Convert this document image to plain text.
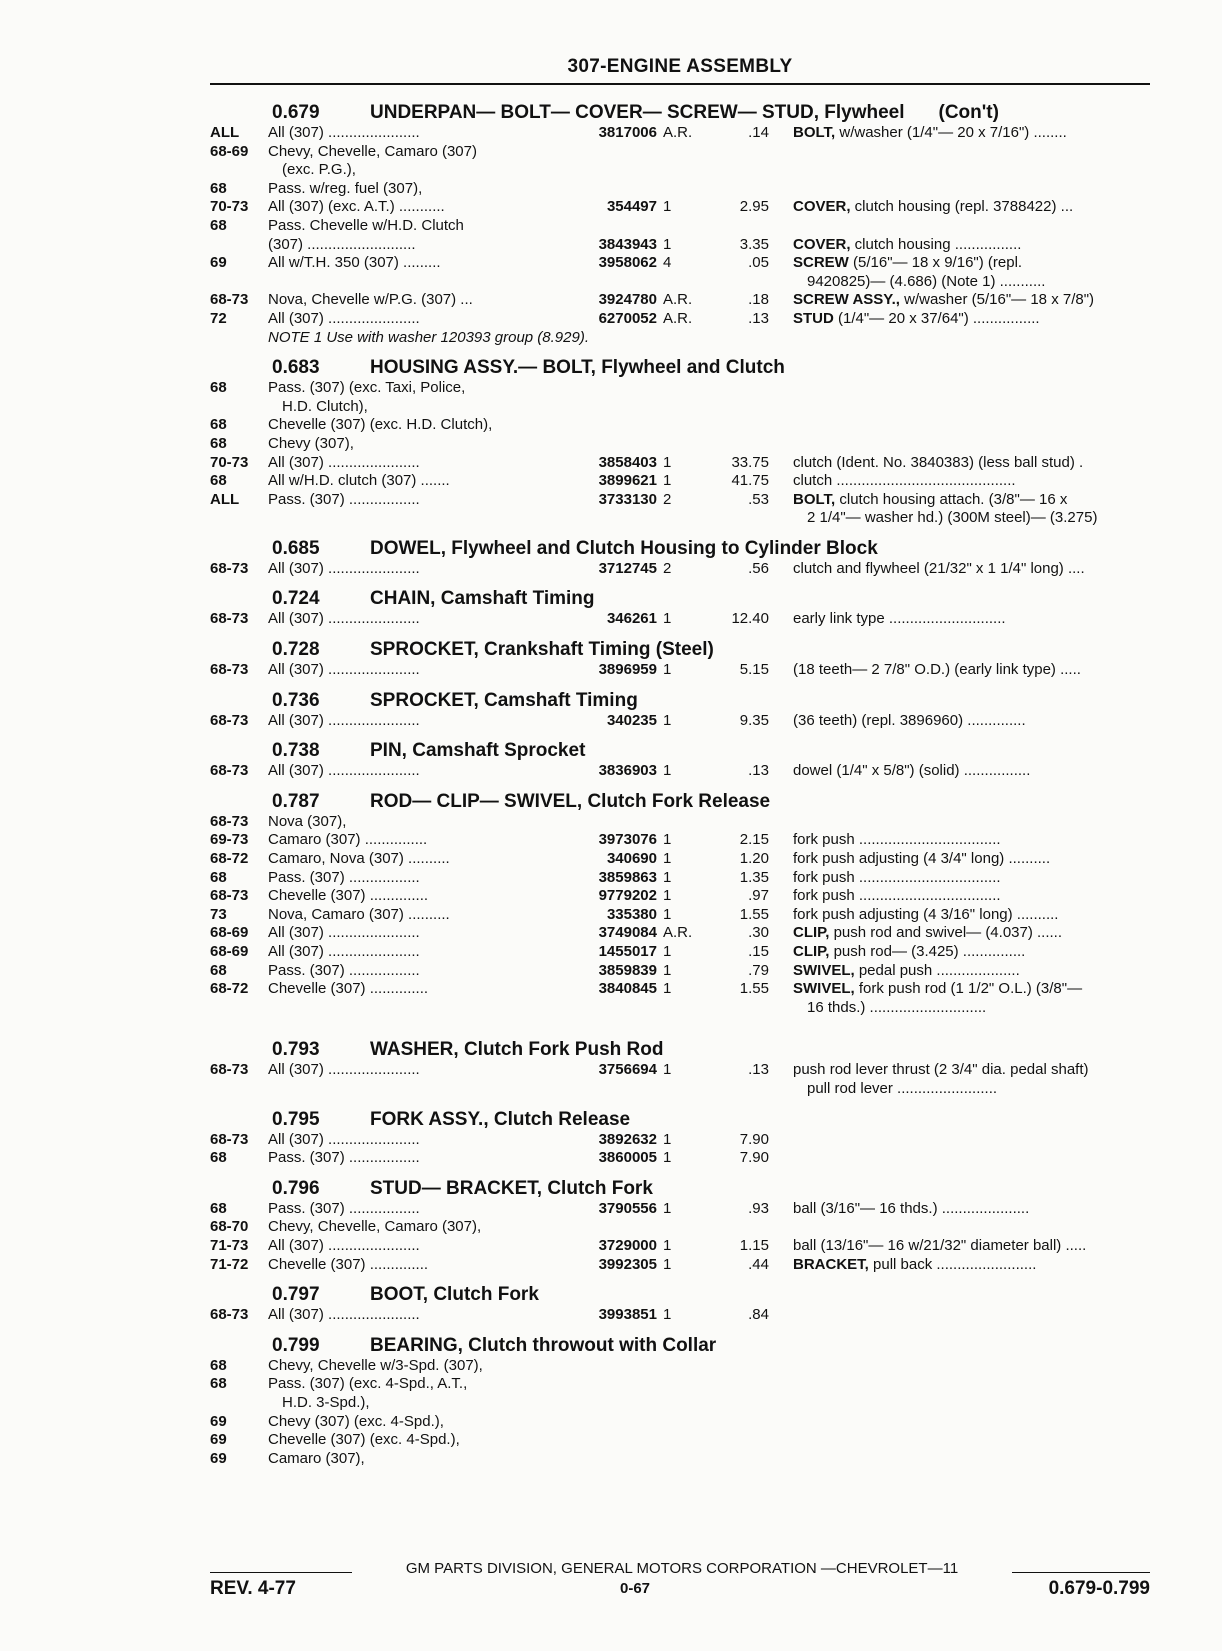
307-ENGINE ASSEMBLY
0.679	UNDERPAN— BOLT— COVER— SCREW— STUD, Flywheel (Con't)
ALL	All (307) ......................	3817006 A.R.	.14	BOLT, w/washer (1/4"— 20 x 7/16") ........
68-69	Chevy, Chevelle, Camaro (307)
(exc. P.G.),
68	Pass. w/reg. fuel (307),
70-73	All (307) (exc. A.T.) ...........	354497 1	2.95	COVER, clutch housing (repl. 3788422) ...
68	Pass. Chevelle w/H.D. Clutch
(307) ..........................	3843943 1	3.35	COVER, clutch housing ................
69	All w/T.H. 350 (307) .........	3958062 4	.05	SCREW (5/16"— 18 x 9/16") (repl.
9420825)— (4.686) (Note 1) ...........
68-73	Nova, Chevelle w/P.G. (307) ...	3924780 A.R.	.18	SCREW ASSY., w/washer (5/16"— 18 x 7/8")
72	All (307) ......................	6270052 A.R.	.13	STUD (1/4"— 20 x 37/64") ................
NOTE 1 Use with washer 120393 group (8.929).
0.683	HOUSING ASSY.— BOLT, Flywheel and Clutch
68	Pass. (307) (exc. Taxi, Police,
H.D. Clutch),
68	Chevelle (307) (exc. H.D. Clutch),
68	Chevy (307),
70-73	All (307) ......................	3858403 1	33.75	clutch (Ident. No. 3840383) (less ball stud) .
68	All w/H.D. clutch (307) .......	3899621 1	41.75	clutch ...........................................
ALL	Pass. (307) .................	3733130 2	.53	BOLT, clutch housing attach. (3/8"— 16 x
2 1/4"— washer hd.) (300M steel)— (3.275)
0.685	DOWEL, Flywheel and Clutch Housing to Cylinder Block
68-73	All (307) ......................	3712745 2	.56	clutch and flywheel (21/32" x 1 1/4" long) ....
0.724	CHAIN, Camshaft Timing
68-73	All (307) ......................	346261 1	12.40	early link type ............................
0.728	SPROCKET, Crankshaft Timing (Steel)
68-73	All (307) ......................	3896959 1	5.15	(18 teeth— 2 7/8" O.D.) (early link type) .....
0.736	SPROCKET, Camshaft Timing
68-73	All (307) ......................	340235 1	9.35	(36 teeth) (repl. 3896960) ..............
0.738	PIN, Camshaft Sprocket
68-73	All (307) ......................	3836903 1	.13	dowel (1/4" x 5/8") (solid) ................
0.787	ROD— CLIP— SWIVEL, Clutch Fork Release
68-73	Nova (307),
69-73	Camaro (307) ...............	3973076 1	2.15	fork push ..................................
68-72	Camaro, Nova (307) ..........	340690 1	1.20	fork push adjusting (4 3/4" long) ..........
68	Pass. (307) .................	3859863 1	1.35	fork push ..................................
68-73	Chevelle (307) ..............	9779202 1	.97	fork push ..................................
73	Nova, Camaro (307) ..........	335380 1	1.55	fork push adjusting (4 3/16" long) ..........
68-69	All (307) ......................	3749084 A.R.	.30	CLIP, push rod and swivel— (4.037) ......
68-69	All (307) ......................	1455017 1	.15	CLIP, push rod— (3.425) ...............
68	Pass. (307) .................	3859839 1	.79	SWIVEL, pedal push ....................
68-72	Chevelle (307) ..............	3840845 1	1.55	SWIVEL, fork push rod (1 1/2" O.L.) (3/8"—
16 thds.) ............................
0.793	WASHER, Clutch Fork Push Rod
68-73	All (307) ......................	3756694 1	.13	push rod lever thrust (2 3/4" dia. pedal shaft)
pull rod lever ........................
0.795	FORK ASSY., Clutch Release
68-73	All (307) ......................	3892632 1	7.90
68	Pass. (307) .................	3860005 1	7.90
0.796	STUD— BRACKET, Clutch Fork
68	Pass. (307) .................	3790556 1	.93	ball (3/16"— 16 thds.) .....................
68-70	Chevy, Chevelle, Camaro (307),
71-73	All (307) ......................	3729000 1	1.15	ball (13/16"— 16 w/21/32" diameter ball) .....
71-72	Chevelle (307) ..............	3992305 1	.44	BRACKET, pull back ........................
0.797	BOOT, Clutch Fork
68-73	All (307) ......................	3993851 1	.84
0.799	BEARING, Clutch throwout with Collar
68	Chevy, Chevelle w/3-Spd. (307),
68	Pass. (307) (exc. 4-Spd., A.T.,
H.D. 3-Spd.),
69	Chevy (307) (exc. 4-Spd.),
69	Chevelle (307) (exc. 4-Spd.),
69	Camaro (307),
GM PARTS DIVISION, GENERAL MOTORS CORPORATION —CHEVROLET—11
REV. 4-77	0-67	0.679-0.799
